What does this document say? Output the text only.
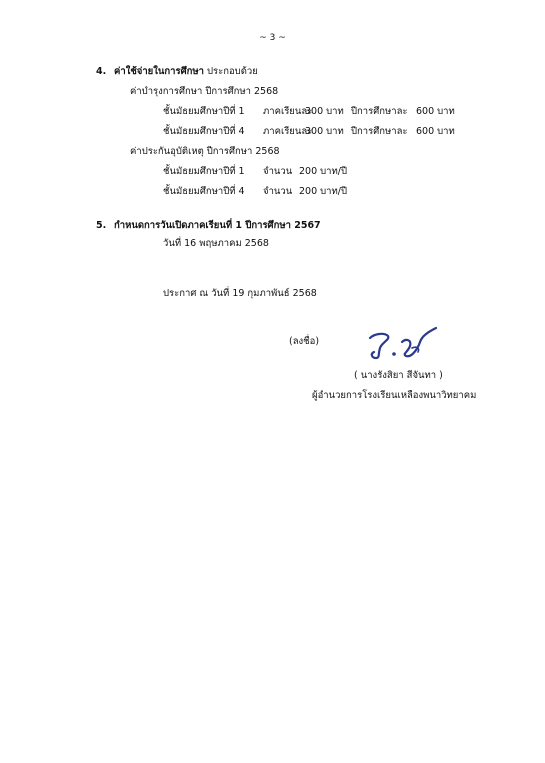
~ 3 ~
4. ค่าใช้จ่ายในการศึกษา ประกอบด้วย
ค่าบำรุงการศึกษา ปีการศึกษา 2568
ชั้นมัธยมศึกษาปีที่ 1 ภาคเรียนละ
300 บาท ปีการศึกษาละ 600 บาท
ชั้นมัธยมศึกษาปีที่ 4 ภาคเรียนละ
300 บาท ปีการศึกษาละ 600 บาท
ค่าประกันอุบัติเหตุ ปีการศึกษา 2568
ชั้นมัธยมศึกษาปีที่ 1 จำนวน 200 บาท/ปี
ชั้นมัธยมศึกษาปีที่ 4 จำนวน 200 บาท/ปี
5. กำหนดการวันเปิดภาคเรียนที่ 1 ปีการศึกษา 2567
วันที่ 16 พฤษภาคม 2568
ประกาศ ณ วันที่ 19 กุมภาพันธ์ 2568
(ลงชื่อ)
( นางรังสิยา สีจันทา )
ผู้อำนวยการโรงเรียนเหลืองพนาวิทยาคม
